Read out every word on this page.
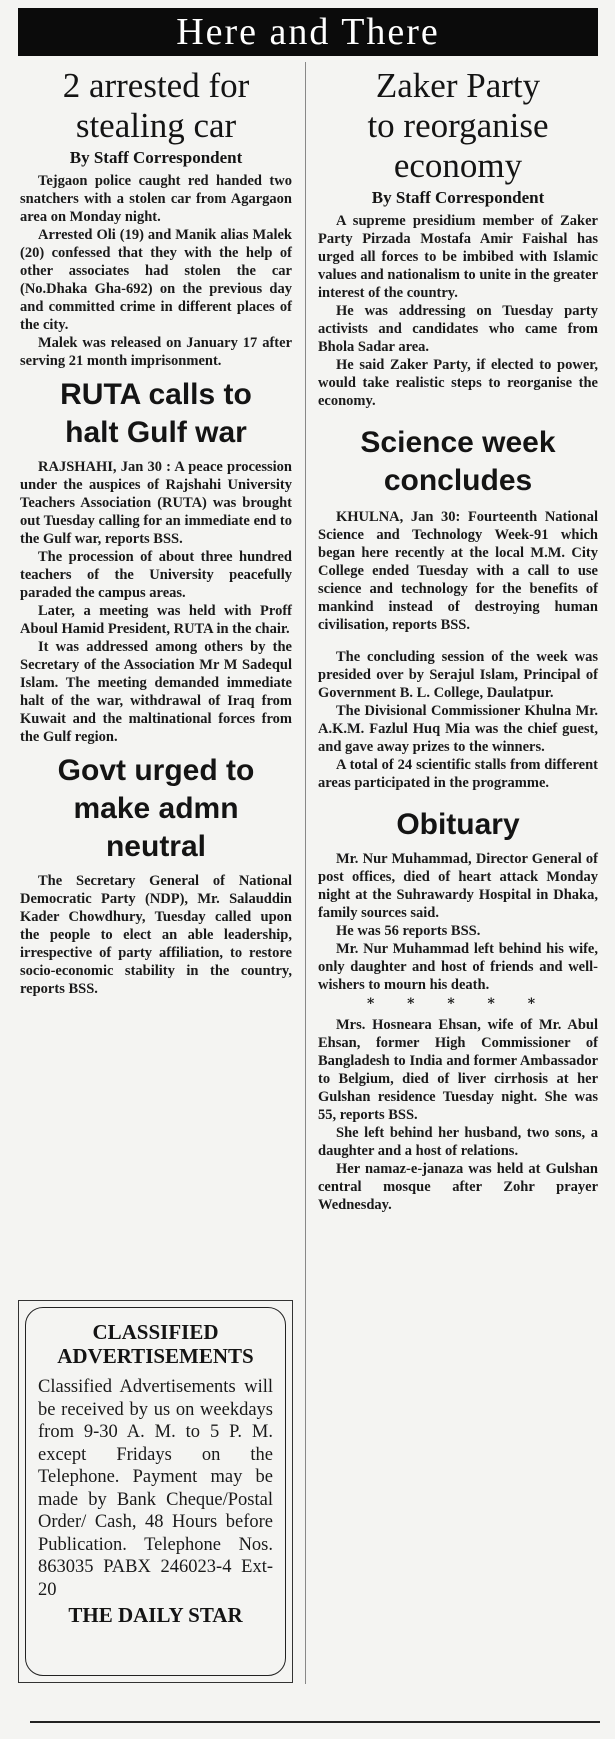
Here and There
2 arrested for
stealing car
By Staff Correspondent

Tejgaon police caught red handed two snatchers with a stolen car from Agargaon area on Monday night.

Arrested Oli (19) and Manik alias Malek (20) confessed that they with the help of other associates had stolen the car (No.Dhaka Gha-692) on the previous day and committed crime in different places of the city.

Malek was released on January 17 after serving 21 month imprisonment.

RUTA calls to
halt Gulf war

RAJSHAHI, Jan 30 : A peace procession under the auspices of Rajshahi University Teachers Association (RUTA) was brought out Tuesday calling for an immediate end to the Gulf war, reports BSS.

The procession of about three hundred teachers of the University peacefully paraded the campus areas.

Later, a meeting was held with Proff Aboul Hamid President, RUTA in the chair.

It was addressed among others by the Secretary of the Association Mr M Sadequl Islam. The meeting demanded immediate halt of the war, withdrawal of Iraq from Kuwait and the maltinational forces from the Gulf region.

Govt urged to
make admn
neutral

The Secretary General of National Democratic Party (NDP), Mr. Salauddin Kader Chowdhury, Tuesday called upon the people to elect an able leadership, irrespective of party affiliation, to restore socio-economic stability in the country, reports BSS.

CLASSIFIED
ADVERTISEMENTS
Classified Advertisements will be received by us on weekdays from 9-30 A. M. to 5 P. M. except Fridays on the Telephone. Payment may be made by Bank Cheque/Postal Order/ Cash, 48 Hours before Publication. Telephone Nos. 863035 PABX 246023-4 Ext-20
THE DAILY STAR
Zaker Party
to reorganise
economy
By Staff Correspondent

A supreme presidium member of Zaker Party Pirzada Mostafa Amir Faishal has urged all forces to be imbibed with Islamic values and nationalism to unite in the greater interest of the country.

He was addressing on Tuesday party activists and candidates who came from Bhola Sadar area.

He said Zaker Party, if elected to power, would take realistic steps to reorganise the economy.

Science week
concludes

KHULNA, Jan 30: Fourteenth National Science and Technology Week-91 which began here recently at the local M.M. City College ended Tuesday with a call to use science and technology for the benefits of mankind instead of destroying human civilisation, reports BSS.

The concluding session of the week was presided over by Serajul Islam, Principal of Government B. L. College, Daulatpur.

The Divisional Commissioner Khulna Mr. A.K.M. Fazlul Huq Mia was the chief guest, and gave away prizes to the winners.

A total of 24 scientific stalls from different areas participated in the programme.

Obituary

Mr. Nur Muhammad, Director General of post offices, died of heart attack Monday night at the Suhrawardy Hospital in Dhaka, family sources said.

He was 56 reports BSS.

Mr. Nur Muhammad left behind his wife, only daughter and host of friends and well-wishers to mourn his death.

* * * * *

Mrs. Hosneara Ehsan, wife of Mr. Abul Ehsan, former High Commissioner of Bangladesh to India and former Ambassador to Belgium, died of liver cirrhosis at her Gulshan residence Tuesday night. She was 55, reports BSS.

She left behind her husband, two sons, a daughter and a host of relations.

Her namaz-e-janaza was held at Gulshan central mosque after Zohr prayer Wednesday.
